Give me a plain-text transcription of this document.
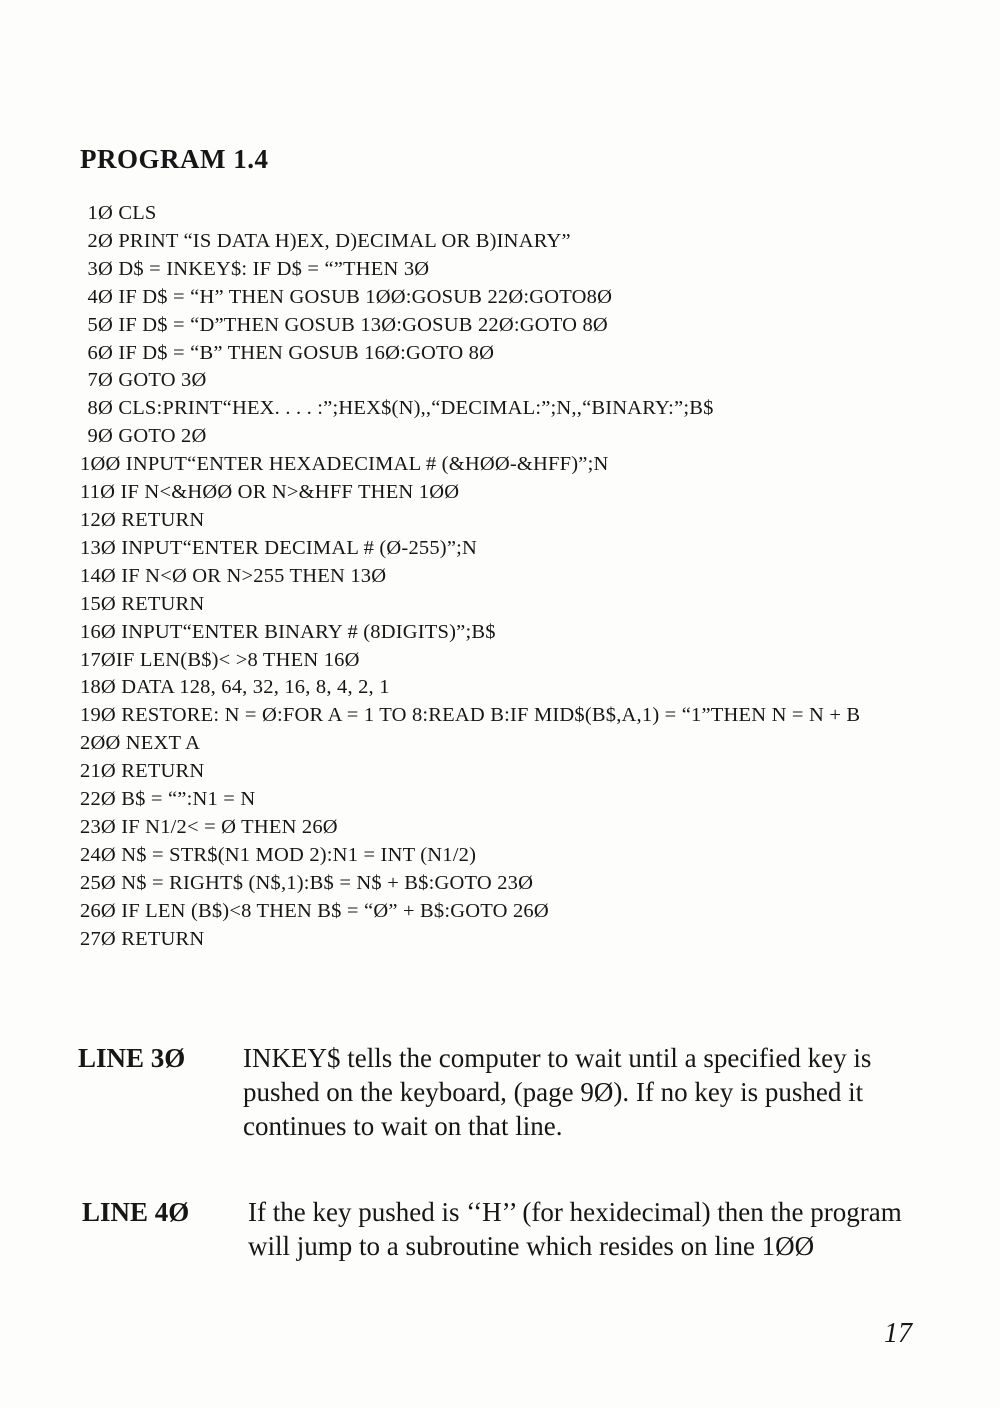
PROGRAM 1.4
1Ø CLS
2Ø PRINT “IS DATA H)EX, D)ECIMAL OR B)INARY”
3Ø D$ = INKEY$: IF D$ = “”THEN 3Ø
4Ø IF D$ = “H” THEN GOSUB 1ØØ:GOSUB 22Ø:GOTO8Ø
5Ø IF D$ = “D”THEN GOSUB 13Ø:GOSUB 22Ø:GOTO 8Ø
6Ø IF D$ = “B” THEN GOSUB 16Ø:GOTO 8Ø
7Ø GOTO 3Ø
8Ø CLS:PRINT“HEX. . . . :”;HEX$(N),,“DECIMAL:”;N,,“BINARY:”;B$
9Ø GOTO 2Ø
1ØØ INPUT“ENTER HEXADECIMAL # (&HØØ-&HFF)”;N
11Ø IF N<&HØØ OR N>&HFF THEN 1ØØ
12Ø RETURN
13Ø INPUT“ENTER DECIMAL # (Ø-255)”;N
14Ø IF N<Ø OR N>255 THEN 13Ø
15Ø RETURN
16Ø INPUT“ENTER BINARY # (8DIGITS)”;B$
17ØIF LEN(B$)< >8 THEN 16Ø
18Ø DATA 128, 64, 32, 16, 8, 4, 2, 1
19Ø RESTORE: N = Ø:FOR A = 1 TO 8:READ B:IF MID$(B$,A,1) = “1”THEN N = N + B
2ØØ NEXT A
21Ø RETURN
22Ø B$ = “”:N1 = N
23Ø IF N1/2< = Ø THEN 26Ø
24Ø N$ = STR$(N1 MOD 2):N1 = INT (N1/2)
25Ø N$ = RIGHT$ (N$,1):B$ = N$ + B$:GOTO 23Ø
26Ø IF LEN (B$)<8 THEN B$ = “Ø” + B$:GOTO 26Ø
27Ø RETURN
LINE 3Ø	INKEY$ tells the computer to wait until a specified key is pushed on the keyboard, (page 9Ø). If no key is pushed it continues to wait on that line.
LINE 4Ø	If the key pushed is ‘‘H’’ (for hexidecimal) then the program will jump to a subroutine which resides on line 1ØØ
17
